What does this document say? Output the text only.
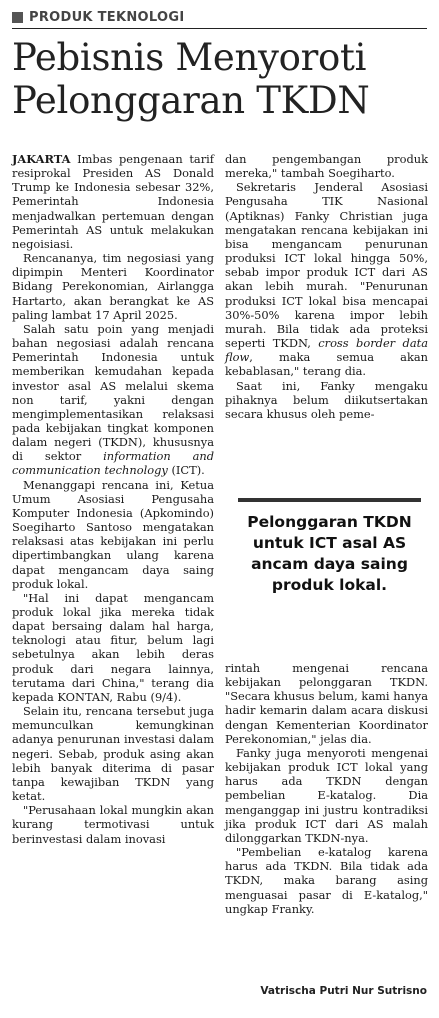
PRODUK TEKNOLOGI
Pebisnis Menyoroti Pelonggaran TKDN

JAKARTA Imbas pengenaan tarif resiprokal Presiden AS Donald Trump ke Indonesia sebesar 32%, Pemerintah Indonesia menjadwalkan pertemuan dengan Pemerintah AS untuk melakukan negoisiasi.

Rencananya, tim negosiasi yang dipimpin Menteri Koordinator Bidang Perekonomian, Airlangga Hartarto, akan berangkat ke AS paling lambat 17 April 2025.

Salah satu poin yang menjadi bahan negosiasi adalah rencana Pemerintah Indonesia untuk memberikan kemudahan kepada investor asal AS melalui skema non tarif, yakni dengan mengimplementasikan relaksasi pada kebijakan tingkat komponen dalam negeri (TKDN), khususnya di sektor information and communication technology (ICT).

Menanggapi rencana ini, Ketua Umum Asosiasi Pengusaha Komputer Indonesia (Apkomindo) Soegiharto Santoso mengatakan relaksasi atas kebijakan ini perlu dipertimbangkan ulang karena dapat mengancam daya saing produk lokal.

"Hal ini dapat mengancam produk lokal jika mereka tidak dapat bersaing dalam hal harga, teknologi atau fitur, belum lagi sebetulnya akan lebih deras produk dari negara lainnya, terutama dari China," terang dia kepada KONTAN, Rabu (9/4).

Selain itu, rencana tersebut juga memunculkan kemungkinan adanya penurunan investasi dalam negeri. Sebab, produk asing akan lebih banyak diterima di pasar tanpa kewajiban TKDN yang ketat.

"Perusahaan lokal mungkin akan kurang termotivasi untuk berinvestasi dalam inovasi

dan pengembangan produk mereka," tambah Soegiharto.

Sekretaris Jenderal Asosiasi Pengusaha TIK Nasional (Aptiknas) Fanky Christian juga mengatakan rencana kebijakan ini bisa mengancam penurunan produksi ICT lokal hingga 50%, sebab impor produk ICT dari AS akan lebih murah. "Penurunan produksi ICT lokal bisa mencapai 30%-50% karena impor lebih murah. Bila tidak ada proteksi seperti TKDN, cross border data flow, maka semua akan kebablasan," terang dia.

Saat ini, Fanky mengaku pihaknya belum diikutsertakan secara khusus oleh peme-

Pelonggaran TKDN untuk ICT asal AS ancam daya saing produk lokal.

rintah mengenai rencana kebijakan pelonggaran TKDN. "Secara khusus belum, kami hanya hadir kemarin dalam acara diskusi dengan Kementerian Koordinator Perekonomian," jelas dia.

Fanky juga menyoroti mengenai kebijakan produk ICT lokal yang harus ada TKDN dengan pembelian E-katalog. Dia menganggap ini justru kontradiksi jika produk ICT dari AS malah dilonggarkan TKDN-nya.

"Pembelian e-katalog karena harus ada TKDN. Bila tidak ada TKDN, maka barang asing menguasai pasar di E-katalog," ungkap Franky.

Vatrischa Putri Nur Sutrisno
